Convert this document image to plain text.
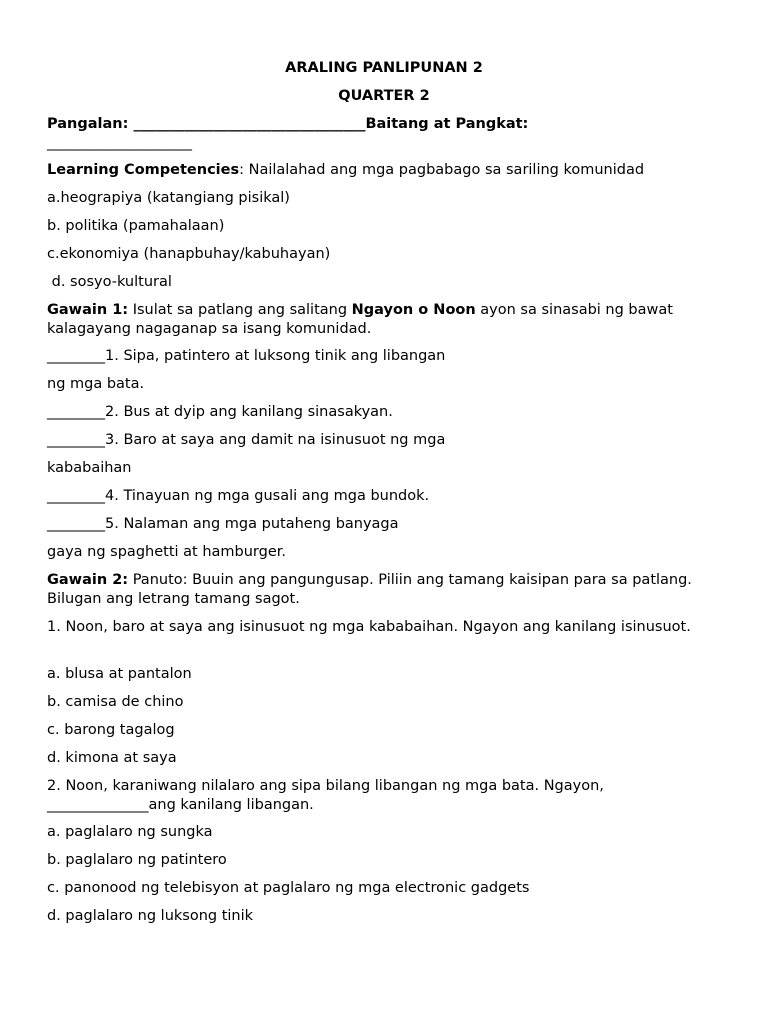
ARALING PANLIPUNAN 2
QUARTER 2
Pangalan: ________________________________Baitang at Pangkat:
____________________
Learning Competencies: Nailalahad ang mga pagbabago sa sariling komunidad
a.heograpiya (katangiang pisikal)
b. politika (pamahalaan)
c.ekonomiya (hanapbuhay/kabuhayan)
d. sosyo-kultural
Gawain 1: Isulat sa patlang ang salitang Ngayon o Noon ayon sa sinasabi ng bawat kalagayang nagaganap sa isang komunidad.
________1. Sipa, patintero at luksong tinik ang libangan
ng mga bata.
________2. Bus at dyip ang kanilang sinasakyan.
________3. Baro at saya ang damit na isinusuot ng mga
kababaihan
________4. Tinayuan ng mga gusali ang mga bundok.
________5. Nalaman ang mga putaheng banyaga
gaya ng spaghetti at hamburger.
Gawain 2: Panuto: Buuin ang pangungusap. Piliin ang tamang kaisipan para sa patlang. Bilugan ang letrang tamang sagot.
1. Noon, baro at saya ang isinusuot ng mga kababaihan. Ngayon ang kanilang isinusuot.
a. blusa at pantalon
b. camisa de chino
c. barong tagalog
d. kimona at saya
2. Noon, karaniwang nilalaro ang sipa bilang libangan ng mga bata. Ngayon, ______________ang kanilang libangan.
a. paglalaro ng sungka
b. paglalaro ng patintero
c. panonood ng telebisyon at paglalaro ng mga electronic gadgets
d. paglalaro ng luksong tinik
